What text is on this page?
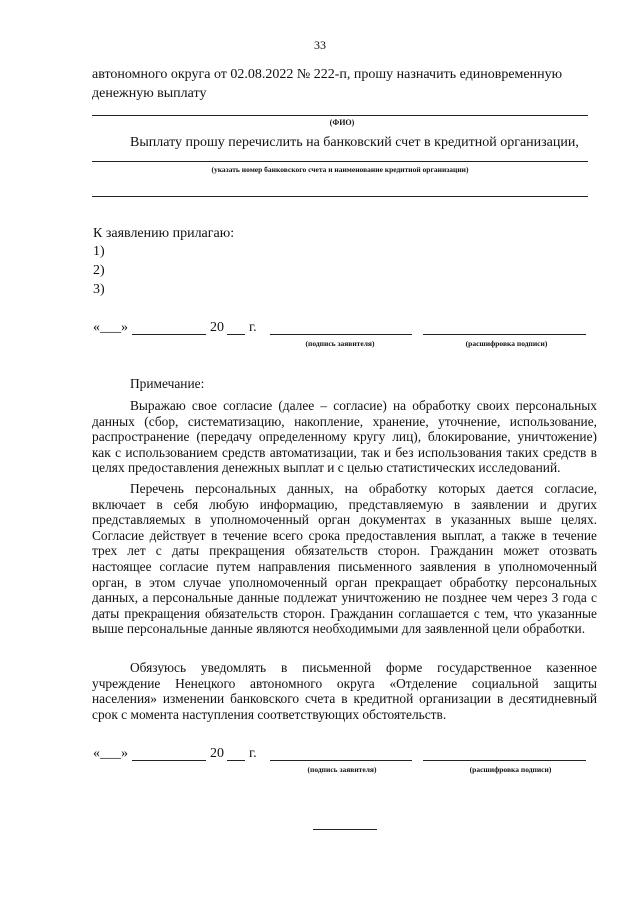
33
автономного округа от 02.08.2022 № 222-п, прошу назначить единовременную
денежную выплату
(ФИО)
Выплату прошу перечислить на банковский счет в кредитной организации,
(указать номер банковского счета и наименование кредитной организации)
К заявлению прилагаю:
1)
2)
3)
«___»	20 г.
(подпись заявителя)	(расшифровка подписи)
Примечание:
Выражаю свое согласие (далее – согласие) на обработку своих персональных данных (сбор, систематизацию, накопление, хранение, уточнение, использование, распространение (передачу определенному кругу лиц), блокирование, уничтожение) как с использованием средств автоматизации, так и без использования таких средств в целях предоставления денежных выплат и с целью статистических исследований.
Перечень персональных данных, на обработку которых дается согласие, включает в себя любую информацию, представляемую в заявлении и других представляемых в уполномоченный орган документах в указанных выше целях. Согласие действует в течение всего срока предоставления выплат, а также в течение трех лет с даты прекращения обязательств сторон. Гражданин может отозвать настоящее согласие путем направления письменного заявления в уполномоченный орган, в этом случае уполномоченный орган прекращает обработку персональных данных, а персональные данные подлежат уничтожению не позднее чем через 3 года с даты прекращения обязательств сторон. Гражданин соглашается с тем, что указанные выше персональные данные являются необходимыми для заявленной цели обработки.
Обязуюсь уведомлять в письменной форме государственное казенное учреждение Ненецкого автономного округа «Отделение социальной защиты населения» изменении банковского счета в кредитной организации в десятидневный срок с момента наступления соответствующих обстоятельств.
«___»	20 г.
(подпись заявителя)	(расшифровка подписи)
